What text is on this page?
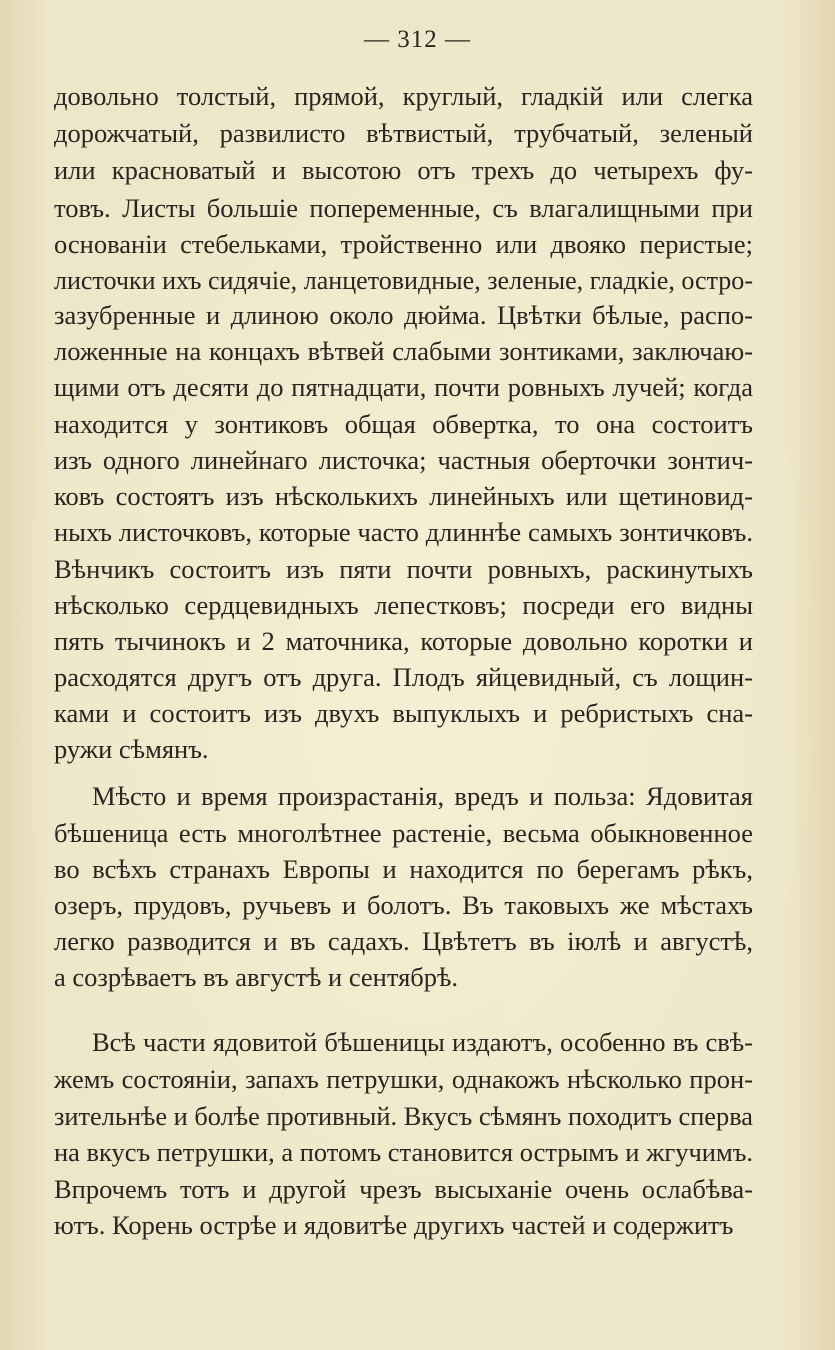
— 312 —
довольно толстый, прямой, круглый, гладкій или слегка
дорожчатый, развилисто вѣтвистый, трубчатый, зеленый
или красноватый и высотою отъ трехъ до четырехъ фу-
товъ. Листы большіе попеременные, съ влагалищными при
основаніи стебельками, тройственно или двояко перистые;
листочки ихъ сидячіе, ланцетовидные, зеленые, гладкіе, остро-
зазубренные и длиною около дюйма. Цвѣтки бѣлые, распо-
ложенные на концахъ вѣтвей слабыми зонтиками, заключаю-
щими отъ десяти до пятнадцати, почти ровныхъ лучей; когда
находится у зонтиковъ общая обвертка, то она состоитъ
изъ одного линейнаго листочка; частныя оберточки зонтич-
ковъ состоятъ изъ нѣсколькихъ линейныхъ или щетиновид-
ныхъ листочковъ, которые часто длиннѣе самыхъ зонтичковъ.
Вѣнчикъ состоитъ изъ пяти почти ровныхъ, раскинутыхъ
нѣсколько сердцевидныхъ лепестковъ; посреди его видны
пять тычинокъ и 2 маточника, которые довольно коротки и
расходятся другъ отъ друга. Плодъ яйцевидный, съ лощин-
ками и состоитъ изъ двухъ выпуклыхъ и ребристыхъ сна-
ружи сѣмянъ.
Мѣсто и время произрастанія, вредъ и польза: Ядовитая
бѣшеница есть многолѣтнее растеніе, весьма обыкновенное
во всѣхъ странахъ Европы и находится по берегамъ рѣкъ,
озеръ, прудовъ, ручьевъ и болотъ. Въ таковыхъ же мѣстахъ
легко разводится и въ садахъ. Цвѣтетъ въ іюлѣ и августѣ,
а созрѣваетъ въ августѣ и сентябрѣ.
Всѣ части ядовитой бѣшеницы издаютъ, особенно въ свѣ-
жемъ состояніи, запахъ петрушки, однакожъ нѣсколько прон-
зительнѣе и болѣе противный. Вкусъ сѣмянъ походитъ сперва
на вкусъ петрушки, а потомъ становится острымъ и жгучимъ.
Впрочемъ тотъ и другой чрезъ высыханіе очень ослабѣва-
ютъ. Корень острѣе и ядовитѣе другихъ частей и содержитъ
